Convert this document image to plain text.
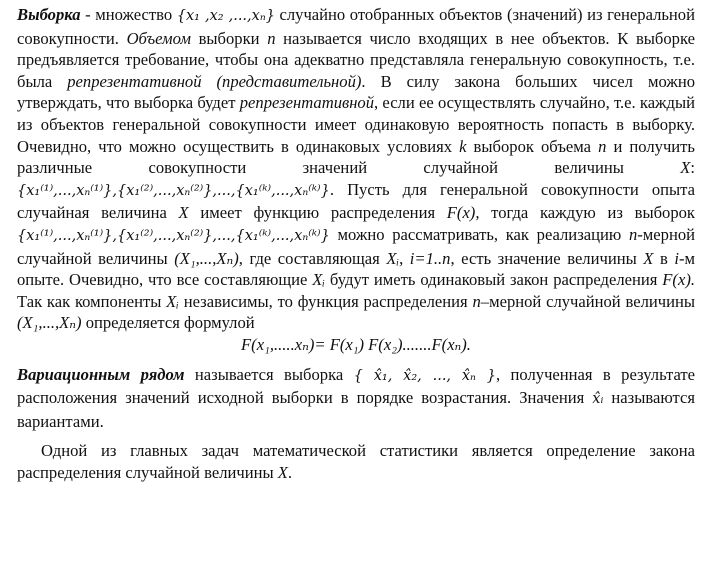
Выборка - множество {x₁ ,x₂ ,...,xₙ} случайно отобранных объектов (значений) из генеральной совокупности. Объемом выборки n называется число входящих в нее объектов. К выборке предъявляется требование, чтобы она адекватно представляла генеральную совокупность, т.е. была репрезентативной (представительной). В силу закона больших чисел можно утверждать, что выборка будет репрезентативной, если ее осуществлять случайно, т.е. каждый из объектов генеральной совокупности имеет одинаковую вероятность попасть в выборку. Очевидно, что можно осуществить в одинаковых условиях k выборок объема n и получить различные совокупности значений случайной величины X: {x₁⁽¹⁾,...,xₙ⁽¹⁾},{x₁⁽²⁾,...,xₙ⁽²⁾},...,{x₁⁽ᵏ⁾,...,xₙ⁽ᵏ⁾}. Пусть для генеральной совокупности опыта случайная величина X имеет функцию распределения F(x), тогда каждую из выборок {x₁⁽¹⁾,...,xₙ⁽¹⁾},{x₁⁽²⁾,...,xₙ⁽²⁾},...,{x₁⁽ᵏ⁾,...,xₙ⁽ᵏ⁾} можно рассматривать, как реализацию n-мерной случайной величины (X₁,...,Xₙ), где составляющая Xᵢ, i=1..n, есть значение величины X в i-м опыте. Очевидно, что все составляющие Xᵢ будут иметь одинаковый закон распределения F(x). Так как компоненты Xᵢ независимы, то функция распределения n–мерной случайной величины (X₁,...,Xₙ) определяется формулой

F(x₁,.....xₙ)= F(x₁) F(x₂).......F(xₙ).

Вариационным рядом называется выборка { x̂₁, x̂₂, ..., x̂ₙ }, полученная в результате расположения значений исходной выборки в порядке возрастания. Значения x̂ᵢ называются вариантами.

Одной из главных задач математической статистики является определение закона распределения случайной величины X.
